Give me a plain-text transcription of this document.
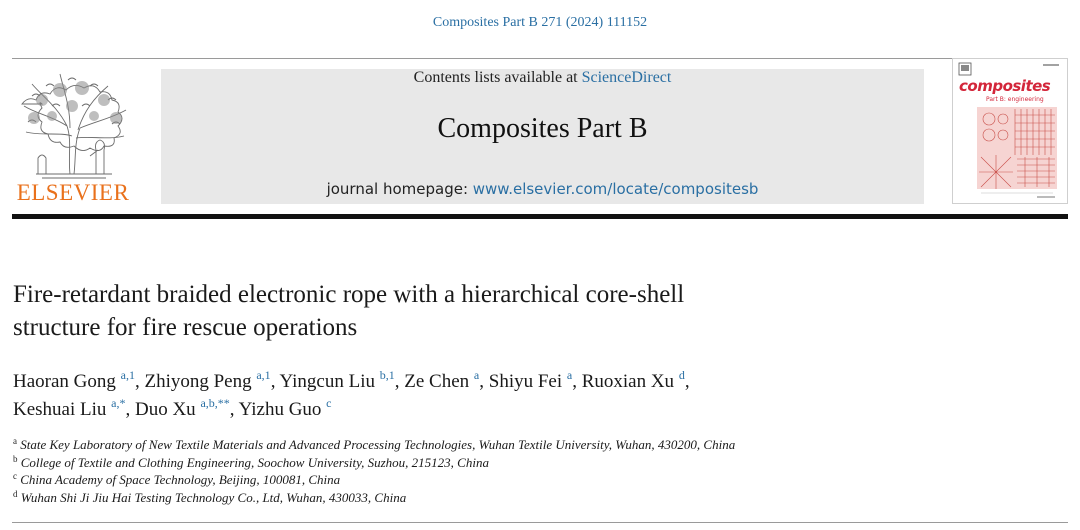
Composites Part B 271 (2024) 111152
ELSEVIER
Contents lists available at ScienceDirect
Composites Part B
journal homepage: www.elsevier.com/locate/compositesb
composites
Part B: engineering
Fire-retardant braided electronic rope with a hierarchical core-shell
structure for fire rescue operations
Haoran Gong $^{a,1}$, Zhiyong Peng $^{a,1}$, Yingcun Liu $^{b,1}$, Ze Chen $^a$, Shiyu Fei $^a$, Ruoxian Xu $^d$,
Keshuai Liu $^{a,*}$, Duo Xu $^{a,b,**}$, Yizhu Guo $^c$
$^a$ State Key Laboratory of New Textile Materials and Advanced Processing Technologies, Wuhan Textile University, Wuhan, 430200, China
$^b$ College of Textile and Clothing Engineering, Soochow University, Suzhou, 215123, China
$^c$ China Academy of Space Technology, Beijing, 100081, China
$^d$ Wuhan Shi Ji Jiu Hai Testing Technology Co., Ltd, Wuhan, 430033, China
